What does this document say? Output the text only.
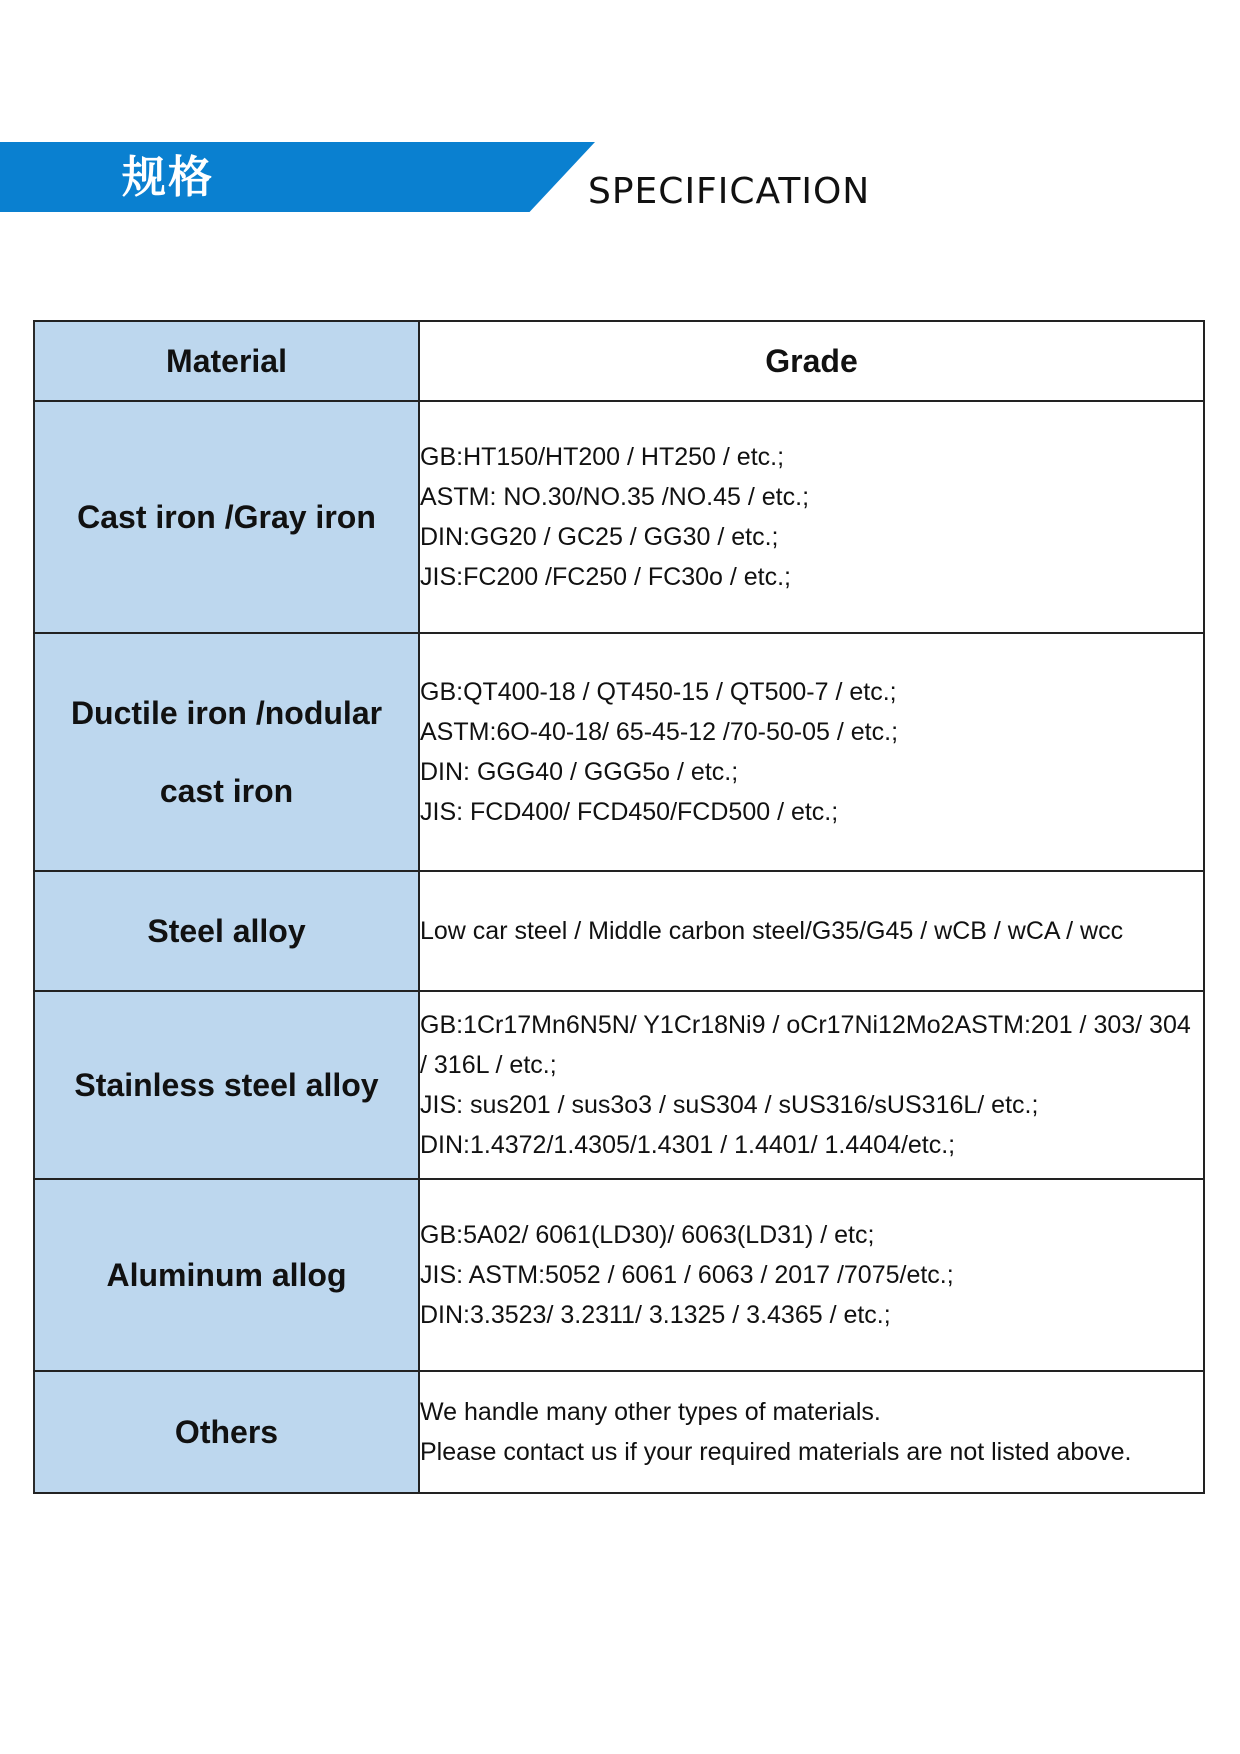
规格	SPECIFICATION
Material	Grade

Cast iron /Gray iron	GB:HT150/HT200 / HT250 / etc.;
ASTM: NO.30/NO.35 /NO.45 / etc.;
DIN:GG20 / GC25 / GG30 / etc.;
JIS:FC200 /FC250 / FC30o / etc.;

Ductile iron /nodular
cast iron	GB:QT400-18 / QT450-15 / QT500-7 / etc.;
ASTM:6O-40-18/ 65-45-12 /70-50-05 / etc.;
DIN: GGG40 / GGG5o / etc.;
JIS: FCD400/ FCD450/FCD500 / etc.;

Steel alloy	Low car steel / Middle carbon steel/G35/G45 / wCB / wCA / wcc

Stainless steel alloy	GB:1Cr17Mn6N5N/ Y1Cr18Ni9 / oCr17Ni12Mo2ASTM:201 / 303/ 304 / 316L / etc.;
JIS: sus201 / sus3o3 / suS304 / sUS316/sUS316L/ etc.;
DIN:1.4372/1.4305/1.4301 / 1.4401/ 1.4404/etc.;

Aluminum allog	GB:5A02/ 6061(LD30)/ 6063(LD31) / etc;
JIS: ASTM:5052 / 6061 / 6063 / 2017 /7075/etc.;
DIN:3.3523/ 3.2311/ 3.1325 / 3.4365 / etc.;

Others	We handle many other types of materials.
Please contact us if your required materials are not listed above.
